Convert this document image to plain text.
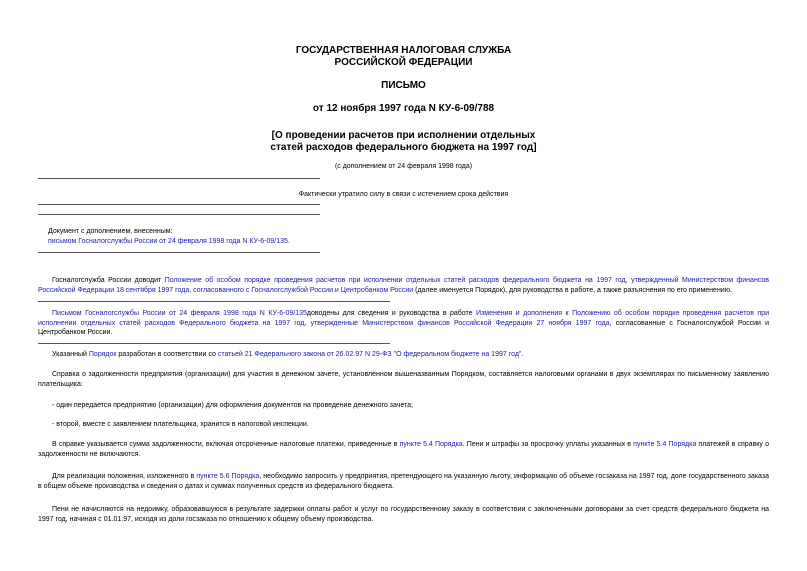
ГОСУДАРСТВЕННАЯ НАЛОГОВАЯ СЛУЖБА
РОССИЙСКОЙ ФЕДЕРАЦИИ
ПИСЬМО
от 12 ноября 1997 года N КУ-6-09/788
[О проведении расчетов при исполнении отдельных
статей расходов федерального бюджета на 1997 год]
(с дополнением от 24 февраля 1998 года)
Фактически утратило силу в связи с истечением срока действия
Документ с дополнением, внесенным:
письмом Госналогслужбы России от 24 февраля 1998 года N КУ-6-09/135.
Госналогслужба России доводит Положение об особом порядке проведения расчетов при исполнении отдельных статей расходов федерального бюджета на 1997 год, утвержденный Министерством финансов Российской Федерации 18 сентября 1997 года, согласованного с Госналогслужбой России и Центробанком России (далее именуется Порядок), для руководства в работе, а также разъяснения по его применению.
Письмом Госналогслужбы России от 24 февраля 1998 года N КУ-6-09/135доводены для сведения и руководства в работе Изменения и дополнения к Положению об особом порядке проведения расчетов при исполнении отдельных статей расходов Федерального бюджета на 1997 год, утвержденные Министерством финансов Российской Федерации 27 ноября 1997 года, согласованные с Госналогслужбой России и Центробанком России.
Указанный Порядок разработан в соответствии со статьей 21 Федерального закона от 26.02.97 N 29-ФЗ "О федеральном бюджете на 1997 год".
Справка о задолженности предприятия (организации) для участия в денежном зачете, установленном вышеназванным Порядком, составляется налоговыми органами в двух экземплярах по письменному заявлению плательщика:
- один передается предприятию (организации) для оформления документов на проведение денежного зачета;
- второй, вместе с заявлением плательщика, хранится в налоговой инспекции.
В справке указывается сумма задолженности, включая отсроченные налоговые платежи, приведенные в пункте 5.4 Порядка. Пени и штрафы за просрочку уплаты указанных в пункте 5.4 Порядка платежей в справку о задолженности не включаются.
Для реализации положения, изложенного в пункте 5.6 Порядка, необходимо запросить у предприятия, претендующего на указанную льготу, информацию об объеме госзаказа на 1997 год, доле государственного заказа в общем объеме производства и сведения о датах и суммах полученных средств из федерального бюджета.
Пени не начисляются на недоимку, образовавшуюся в результате задержки оплаты работ и услуг по государственному заказу в соответствии с заключенными договорами за счет средств федерального бюджета на 1997 год, начиная с 01.01.97, исходя из доли госзаказа по отношению к общему объему производства.
